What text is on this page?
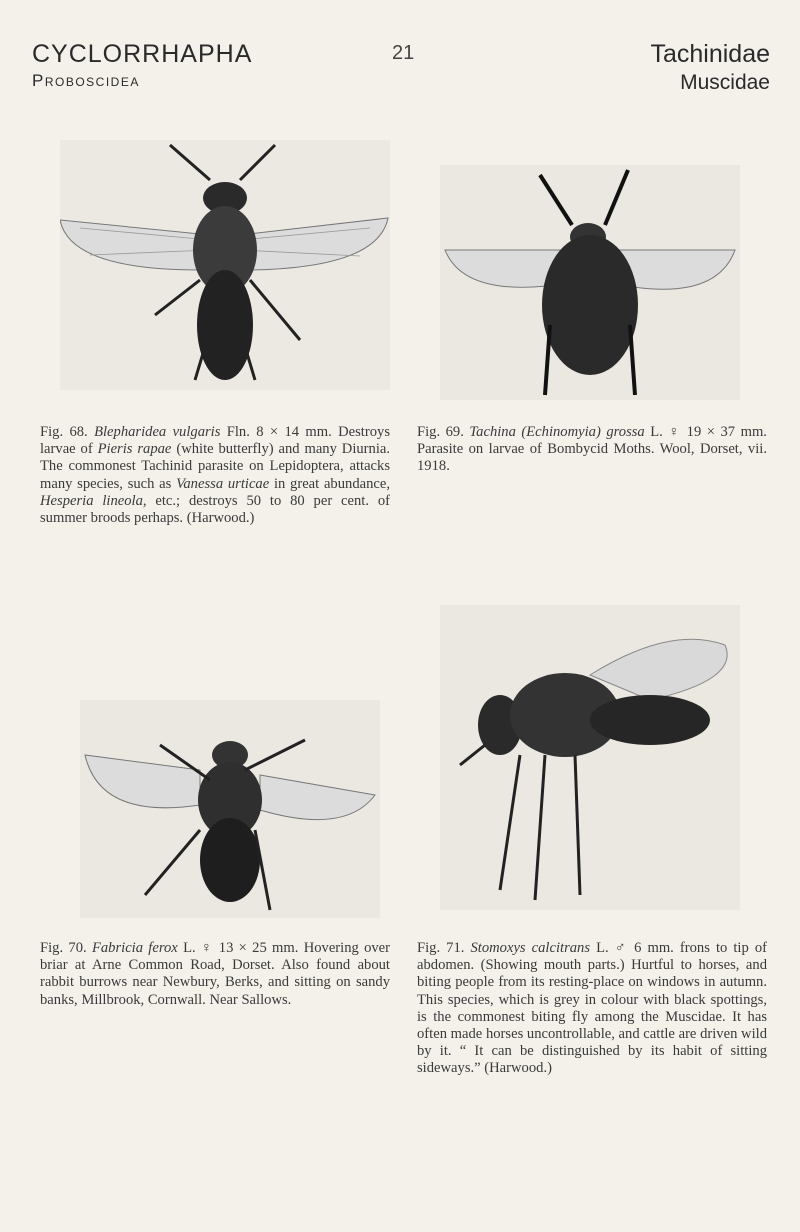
CYCLORRHAPHA
Proboscidea
21	Tachinidae
Muscidae
Fig. 68. Blepharidea vulgaris Fln. 8 × 14 mm. Destroys larvae of Pieris rapae (white butterfly) and many Diurnia. The commonest Tachinid parasite on Lepidoptera, attacks many species, such as Vanessa urticae in great abundance, Hesperia lineola, etc.; destroys 50 to 80 per cent. of summer broods perhaps. (Harwood.)
Fig. 69. Tachina (Echinomyia) grossa L. ♀ 19 × 37 mm. Parasite on larvae of Bombycid Moths. Wool, Dorset, vii. 1918.
Fig. 70. Fabricia ferox L. ♀ 13 × 25 mm. Hovering over briar at Arne Common Road, Dorset. Also found about rabbit burrows near Newbury, Berks, and sitting on sandy banks, Millbrook, Cornwall. Near Sallows.
Fig. 71. Stomoxys calcitrans L. ♂ 6 mm. frons to tip of abdomen. (Showing mouth parts.) Hurtful to horses, and biting people from its resting-place on windows in autumn. This species, which is grey in colour with black spottings, is the commonest biting fly among the Muscidae. It has often made horses uncontrollable, and cattle are driven wild by it. “ It can be distinguished by its habit of sitting sideways.” (Harwood.)
